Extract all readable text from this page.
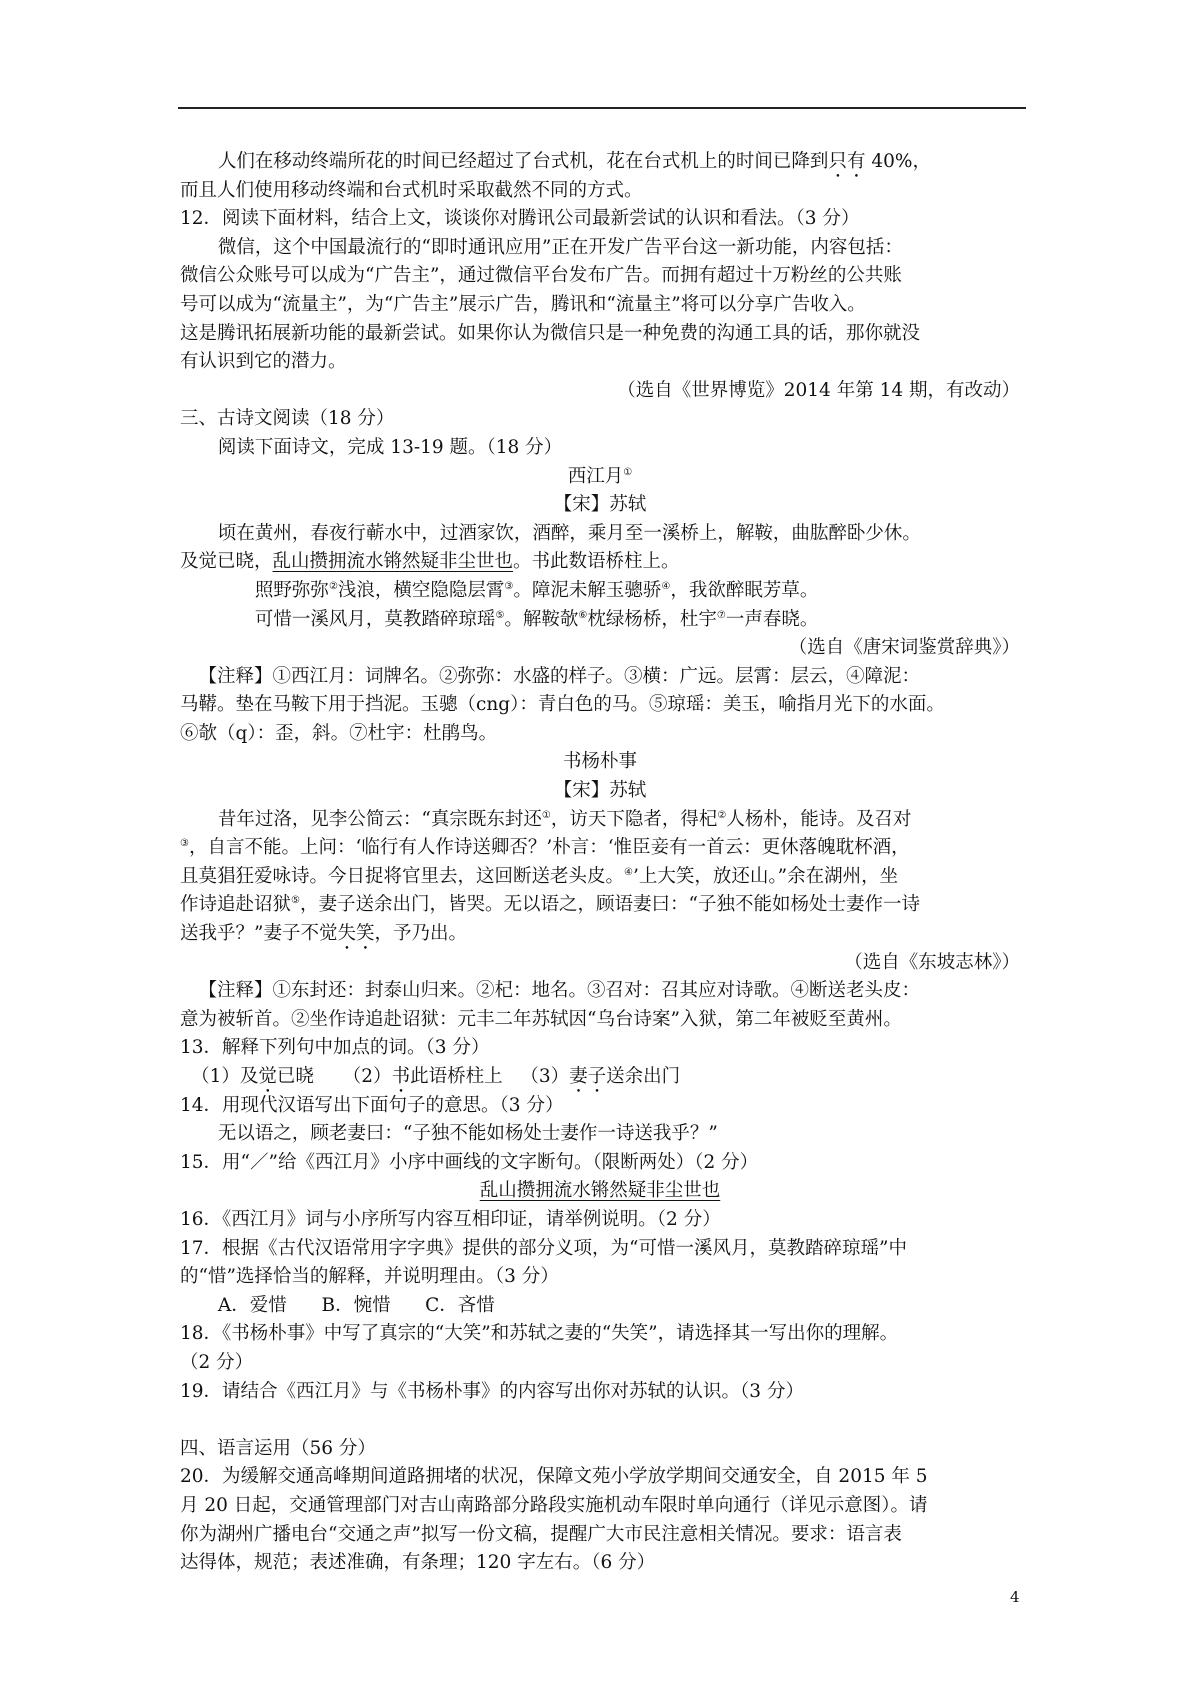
人们在移动终端所花的时间已经超过了台式机，花在台式机上的时间已降到只有 40%，
而且人们使用移动终端和台式机时采取截然不同的方式。
12．阅读下面材料，结合上文，谈谈你对腾讯公司最新尝试的认识和看法。（3 分）
微信，这个中国最流行的“即时通讯应用”正在开发广告平台这一新功能，内容包括：
微信公众账号可以成为“广告主”，通过微信平台发布广告。而拥有超过十万粉丝的公共账
号可以成为“流量主”，为“广告主”展示广告，腾讯和“流量主”将可以分享广告收入。
这是腾讯拓展新功能的最新尝试。如果你认为微信只是一种免费的沟通工具的话，那你就没
有认识到它的潜力。
（选自《世界博览》2014 年第 14 期，有改动）
三、古诗文阅读（18 分）
阅读下面诗文，完成 13-19 题。（18 分）
西江月①
【宋】苏轼
顷在黄州，春夜行蕲水中，过酒家饮，酒醉，乘月至一溪桥上，解鞍，曲肱醉卧少休。
及觉已晓，乱山攒拥流水锵然疑非尘世也。书此数语桥柱上。
照野弥弥②浅浪，横空隐隐层霄③。障泥未解玉骢骄④，我欲醉眠芳草。
可惜一溪风月，莫教踏碎琼瑶⑤。解鞍欹⑥枕绿杨桥，杜宇⑦一声春晓。
（选自《唐宋词鉴赏辞典》）
【注释】①西江月：词牌名。②弥弥：水盛的样子。③横：广远。层霄：层云，④障泥：
马鞯。垫在马鞍下用于挡泥。玉骢（cng）：青白色的马。⑤琼瑶：美玉，喻指月光下的水面。
⑥欹（q）：歪，斜。⑦杜宇：杜鹃鸟。
书杨朴事
【宋】苏轼
昔年过洛，见李公简云：“真宗既东封还①，访天下隐者，得杞②人杨朴，能诗。及召对
③，自言不能。上问：‘临行有人作诗送卿否？’朴言：‘惟臣妾有一首云：更休落魄耽杯酒，
且莫猖狂爱咏诗。今日捉将官里去，这回断送老头皮。④’上大笑，放还山。”余在湖州，坐
作诗追赴诏狱⑤，妻子送余出门，皆哭。无以语之，顾语妻曰：“子独不能如杨处士妻作一诗
送我乎？”妻子不觉失笑，予乃出。
（选自《东坡志林》）
【注释】①东封还：封泰山归来。②杞：地名。③召对：召其应对诗歌。④断送老头皮：
意为被斩首。②坐作诗追赴诏狱：元丰二年苏轼因“乌台诗案”入狱，第二年被贬至黄州。
13．解释下列句中加点的词。（3 分）
（1）及觉已晓 （2）书此语桥柱上 （3）妻子送余出门
14．用现代汉语写出下面句子的意思。（3 分）
无以语之，顾老妻曰：“子独不能如杨处士妻作一诗送我乎？”
15．用“／”给《西江月》小序中画线的文字断句。（限断两处）（2 分）
乱山攒拥流水锵然疑非尘世也
16．《西江月》词与小序所写内容互相印证，请举例说明。（2 分）
17．根据《古代汉语常用字字典》提供的部分义项，为“可惜一溪风月，莫教踏碎琼瑶”中
的“惜”选择恰当的解释，并说明理由。（3 分）
A．爱惜 B．惋惜 C．吝惜
18．《书杨朴事》中写了真宗的“大笑”和苏轼之妻的“失笑”，请选择其一写出你的理解。
（2 分）
19．请结合《西江月》与《书杨朴事》的内容写出你对苏轼的认识。（3 分）
四、语言运用（56 分）
20．为缓解交通高峰期间道路拥堵的状况，保障文苑小学放学期间交通安全，自 2015 年 5
月 20 日起，交通管理部门对吉山南路部分路段实施机动车限时单向通行（详见示意图）。请
你为湖州广播电台“交通之声”拟写一份文稿，提醒广大市民注意相关情况。要求：语言表
达得体，规范；表述准确，有条理；120 字左右。（6 分）
4
